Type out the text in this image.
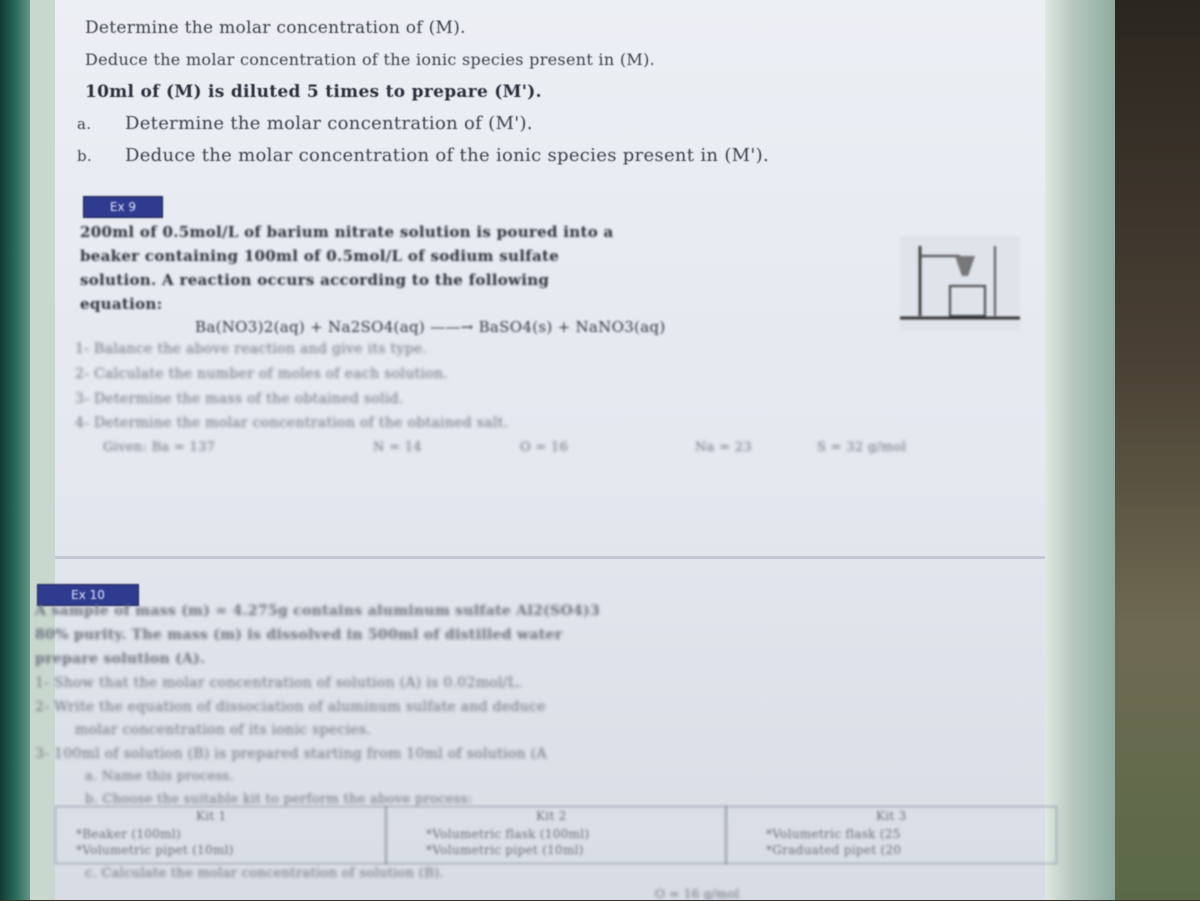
Determine the molar concentration of (M).
Deduce the molar concentration of the ionic species present in (M).
10ml of (M) is diluted 5 times to prepare (M').
a. Determine the molar concentration of (M').
b. Deduce the molar concentration of the ionic species present in (M').
Ex 9
200ml of 0.5mol/L of barium nitrate solution is poured into a
beaker containing 100ml of 0.5mol/L of sodium sulfate
solution. A reaction occurs according to the following
equation:
Ba(NO3)2(aq) + Na2SO4(aq) ——→ BaSO4(s) + NaNO3(aq)
1- Balance the above reaction and give its type.
2- Calculate the number of moles of each solution.
3- Determine the mass of the obtained solid.
4- Determine the molar concentration of the obtained salt.
Given: Ba = 137	N = 14	O = 16	Na = 23	S = 32 g/mol
Ex 10
A sample of mass (m) = 4.275g contains aluminum sulfate Al2(SO4)3
80% purity. The mass (m) is dissolved in 500ml of distilled water
prepare solution (A).
1- Show that the molar concentration of solution (A) is 0.02mol/L.
2- Write the equation of dissociation of aluminum sulfate and deduce
molar concentration of its ionic species.
3- 100ml of solution (B) is prepared starting from 10ml of solution (A
a. Name this process.
b. Choose the suitable kit to perform the above process:
Kit 1
*Beaker (100ml)
*Volumetric pipet (10ml)
Kit 2
*Volumetric flask (100ml)
*Volumetric pipet (10ml)
Kit 3
*Volumetric flask (25
*Graduated pipet (20
c. Calculate the molar concentration of solution (B).
O = 16 g/mol
